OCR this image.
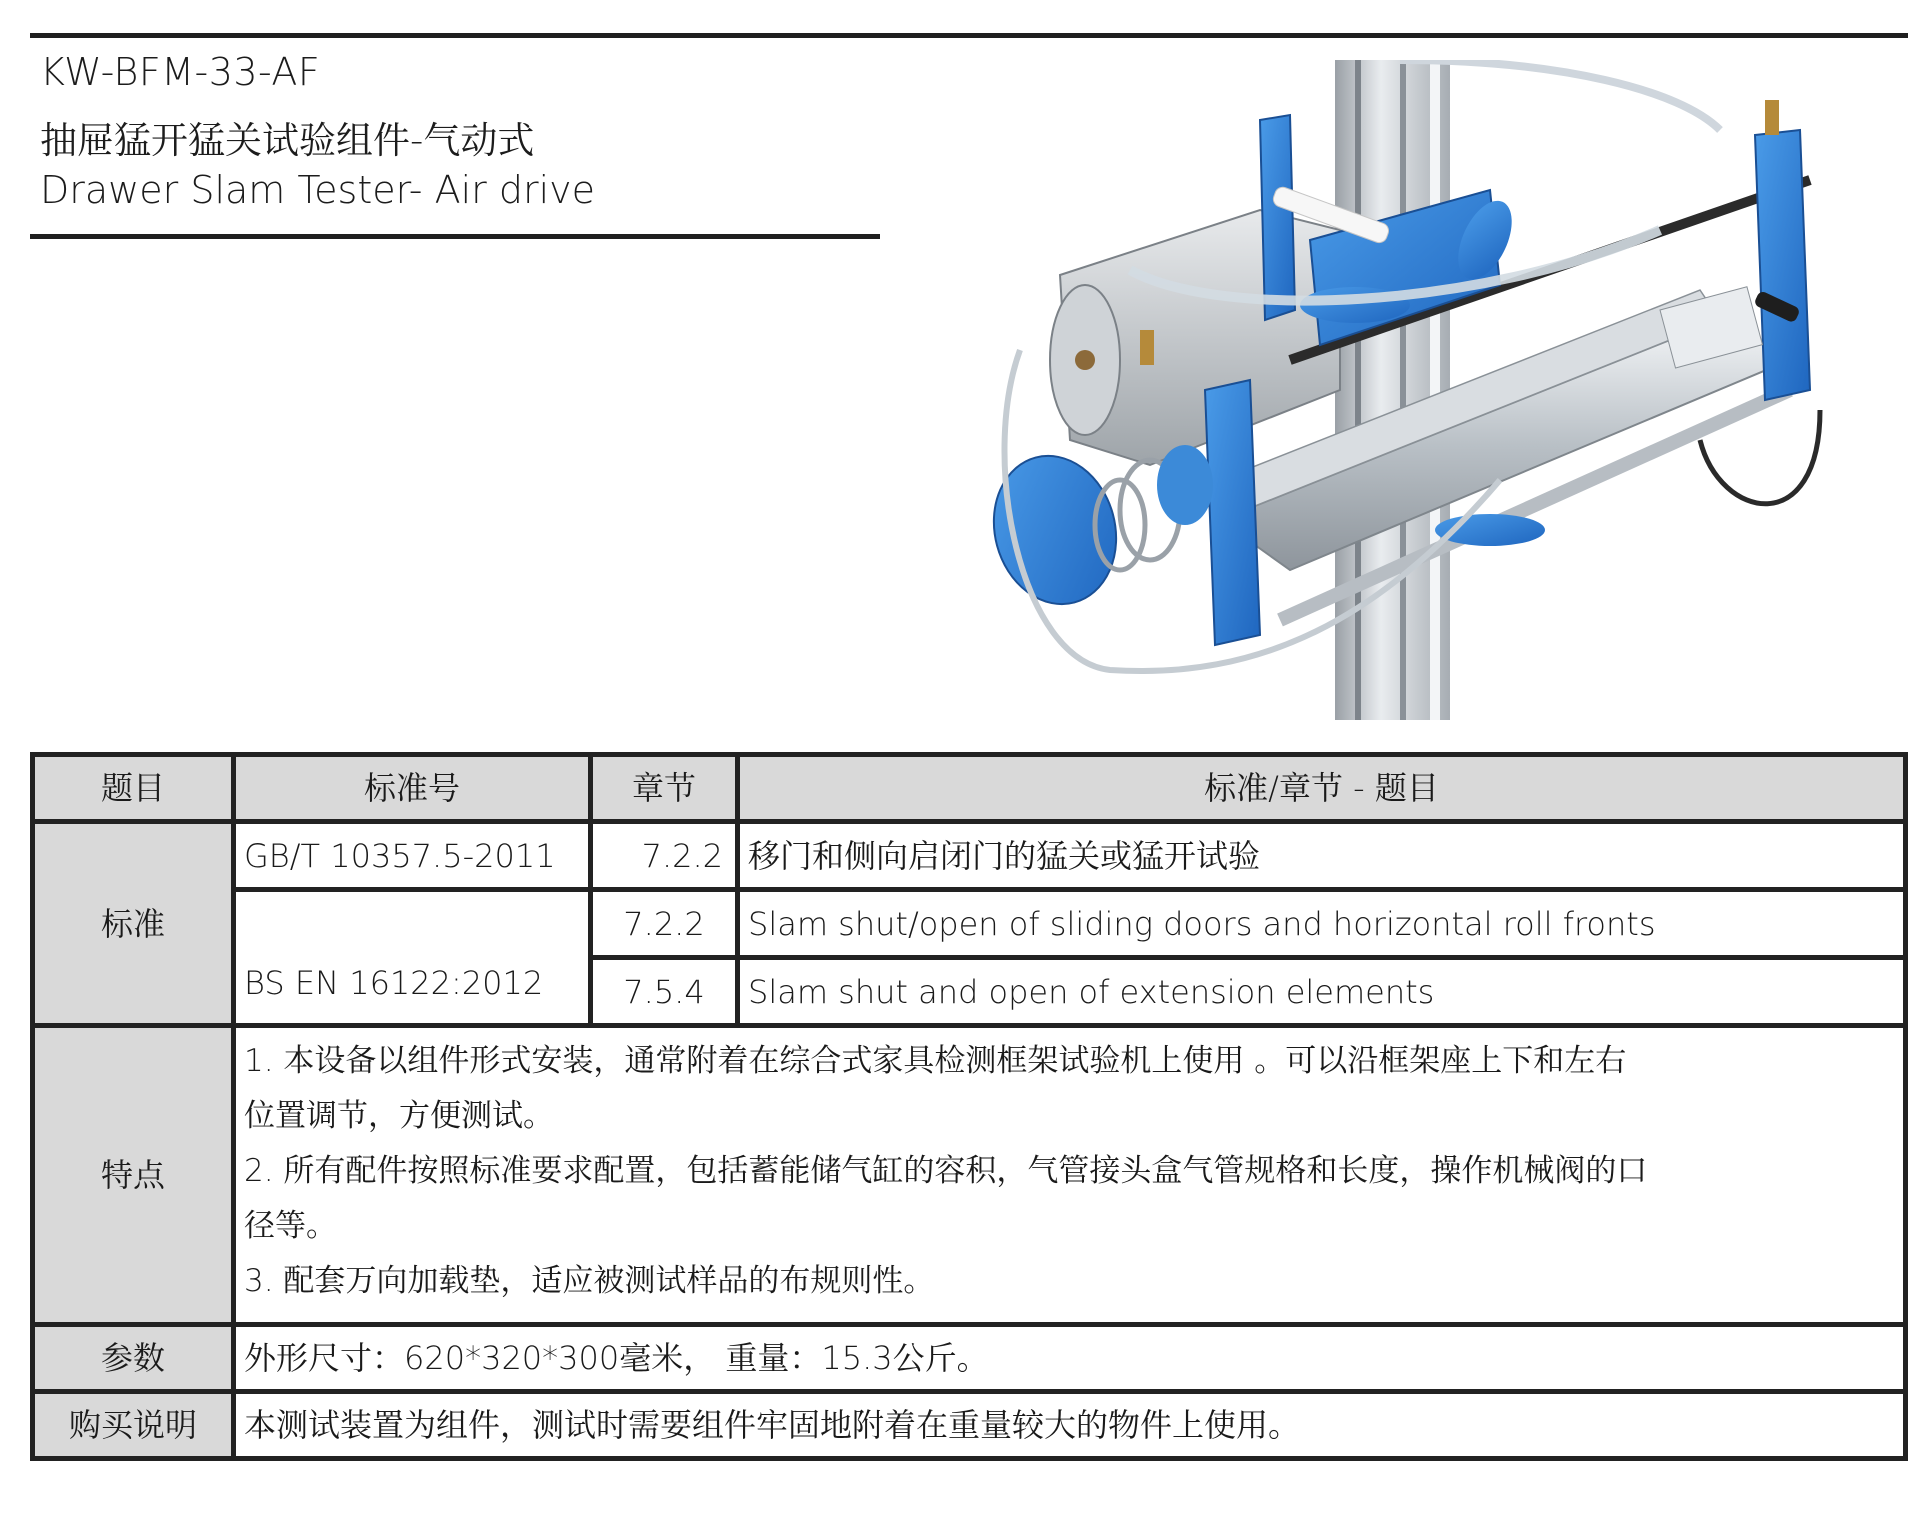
KW-BFM-33-AF
抽屉猛开猛关试验组件-气动式
Drawer Slam Tester- Air drive
题目	标准号	章节	标准/章节 - 题目
标准	GB/T 10357.5-2011	7.2.2	移门和侧向启闭门的猛关或猛开试验
	BS EN 16122:2012	7.2.2	Slam shut/open of sliding doors and horizontal roll fronts
		7.5.4	Slam shut and open of extension elements
特点	1. 本设备以组件形式安装，通常附着在综合式家具检测框架试验机上使用 。可以沿框架座上下和左右
位置调节，方便测试。
2. 所有配件按照标准要求配置，包括蓄能储气缸的容积，气管接头盒气管规格和长度，操作机械阀的口
径等。
3. 配套万向加载垫，适应被测试样品的布规则性。		

参数	外形尺寸：620*320*300毫米， 重量：15.3公斤。		
购买说明	本测试装置为组件，测试时需要组件牢固地附着在重量较大的物件上使用。		
